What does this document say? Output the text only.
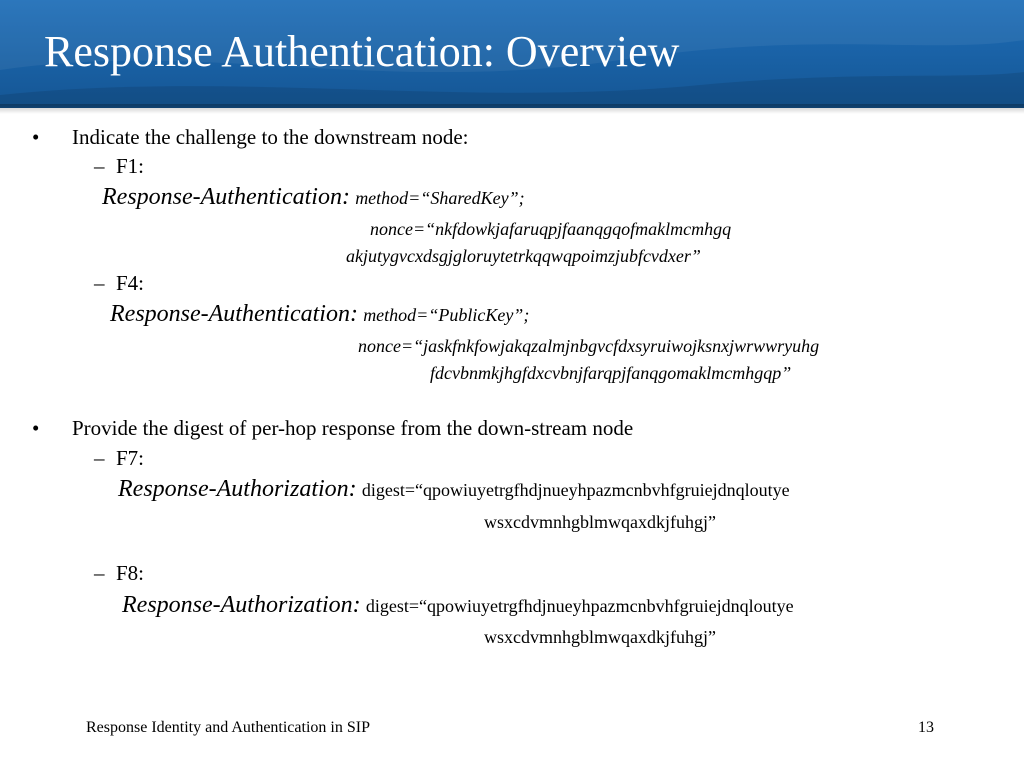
Response Authentication: Overview
• Indicate the challenge to the downstream node:
– F1:
Response-Authentication: method=“SharedKey”;
nonce=“nkfdowkjafaruqpjfaanqgqofmaklmcmhgq
akjutygvcxdsgjgloruytetrkqqwqpoimzjubfcvdxer”
– F4:
Response-Authentication: method=“PublicKey”;
nonce=“jaskfnkfowjakqzalmjnbgvcfdxsyruiwojksnxjwrwwryuhg
fdcvbnmkjhgfdxcvbnjfarqpjfanqgomaklmcmhgqp”
• Provide the digest of per-hop response from the down-stream node
– F7:
Response-Authorization: digest=“qpowiuyetrgfhdjnueyhpazmcnbvhfgruiejdnqloutye
wsxcdvmnhgblmwqaxdkjfuhgj”
– F8:
Response-Authorization: digest=“qpowiuyetrgfhdjnueyhpazmcnbvhfgruiejdnqloutye
wsxcdvmnhgblmwqaxdkjfuhgj”
Response Identity and Authentication in SIP	13
